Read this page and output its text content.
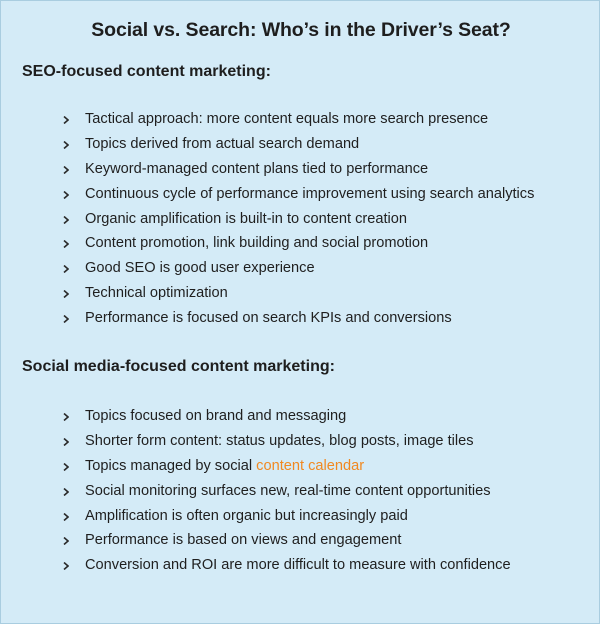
Social vs. Search: Who’s in the Driver’s Seat?
SEO-focused content marketing:
Tactical approach: more content equals more search presence
Topics derived from actual search demand
Keyword-managed content plans tied to performance
Continuous cycle of performance improvement using search analytics
Organic amplification is built-in to content creation
Content promotion, link building and social promotion
Good SEO is good user experience
Technical optimization
Performance is focused on search KPIs and conversions
Social media-focused content marketing:
Topics focused on brand and messaging
Shorter form content: status updates, blog posts, image tiles
Topics managed by social content calendar
Social monitoring surfaces new, real-time content opportunities
Amplification is often organic but increasingly paid
Performance is based on views and engagement
Conversion and ROI are more difficult to measure with confidence
